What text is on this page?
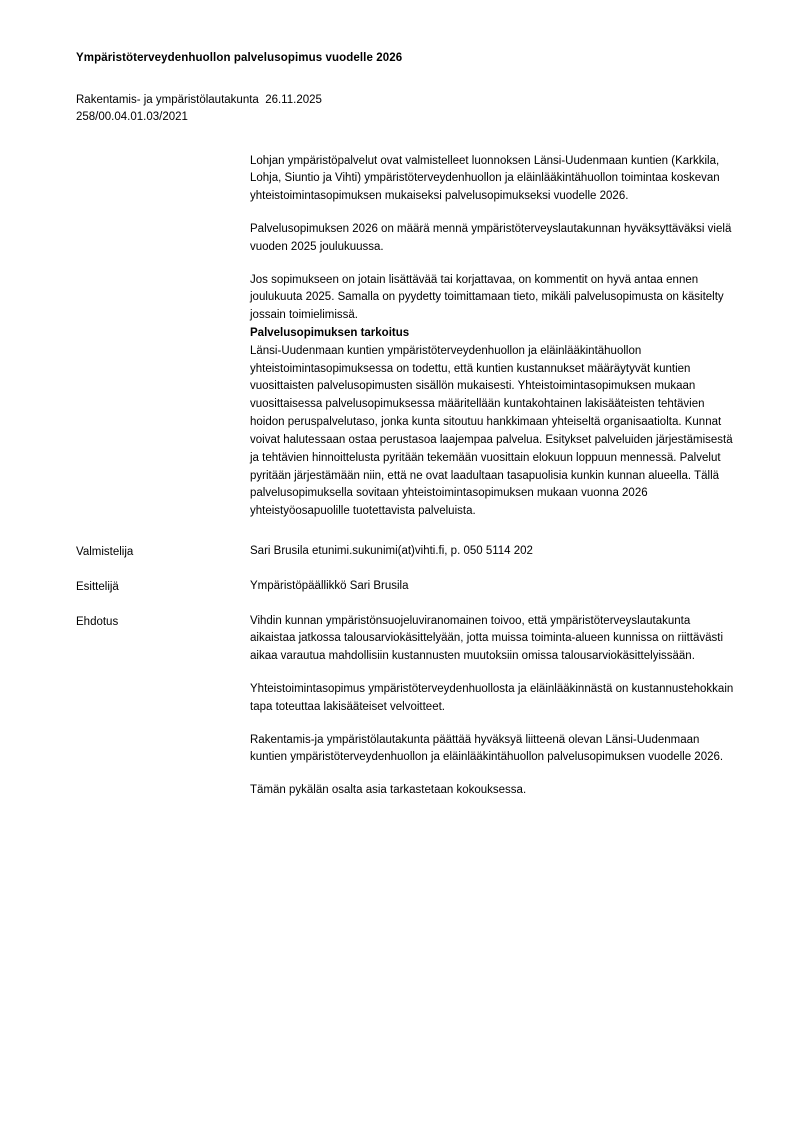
Ympäristöterveydenhuollon palvelusopimus vuodelle 2026
Rakentamis- ja ympäristölautakunta  26.11.2025
258/00.04.01.03/2021

Lohjan ympäristöpalvelut ovat valmistelleet luonnoksen Länsi-Uudenmaan kuntien (Karkkila, Lohja, Siuntio ja Vihti) ympäristöterveydenhuollon ja eläinlääkintähuollon toimintaa koskevan yhteistoimintasopimuksen mukaiseksi palvelusopimukseksi vuodelle 2026.

Palvelusopimuksen 2026 on määrä mennä ympäristöterveyslautakunnan hyväksyttäväksi vielä vuoden 2025 joulukuussa.

Jos sopimukseen on jotain lisättävää tai korjattavaa, on kommentit on hyvä antaa ennen joulukuuta 2025. Samalla on pyydetty toimittamaan tieto, mikäli palvelusopimusta on käsitelty jossain toimielimissä.

Palvelusopimuksen tarkoitus

Länsi-Uudenmaan kuntien ympäristöterveydenhuollon ja eläinlääkintähuollon yhteistoimintasopimuksessa on todettu, että kuntien kustannukset määräytyvät kuntien vuosittaisten palvelusopimusten sisällön mukaisesti. Yhteistoimintasopimuksen mukaan vuosittaisessa palvelusopimuksessa määritellään kuntakohtainen lakisääteisten tehtävien hoidon peruspalvelutaso, jonka kunta sitoutuu hankkimaan yhteiseltä organisaatiolta. Kunnat voivat halutessaan ostaa perustasoa laajempaa palvelua. Esitykset palveluiden järjestämisestä ja tehtävien hinnoittelusta pyritään tekemään vuosittain elokuun loppuun mennessä. Palvelut pyritään järjestämään niin, että ne ovat laadultaan tasapuolisia kunkin kunnan alueella. Tällä palvelusopimuksella sovitaan yhteistoimintasopimuksen mukaan vuonna 2026 yhteistyöosapuolille tuotettavista palveluista.

Valmistelija	Sari Brusila etunimi.sukunimi(at)vihti.fi, p. 050 5114 202
Esittelijä	Ympäristöpäällikkö Sari Brusila
Ehdotus	Vihdin kunnan ympäristönsuojeluviranomainen toivoo, että ympäristöterveyslautakunta aikaistaa jatkossa talousarviokäsittelyään, jotta muissa toiminta-alueen kunnissa on riittävästi aikaa varautua mahdollisiin kustannusten muutoksiin omissa talousarviokäsittelyissään.

Yhteistoimintasopimus ympäristöterveydenhuollosta ja eläinlääkinnästä on kustannustehokkain tapa toteuttaa lakisääteiset velvoitteet.

Rakentamis-ja ympäristölautakunta päättää hyväksyä liitteenä olevan Länsi-Uudenmaan kuntien ympäristöterveydenhuollon ja eläinlääkintähuollon palvelusopimuksen vuodelle 2026.

Tämän pykälän osalta asia tarkastetaan kokouksessa.
